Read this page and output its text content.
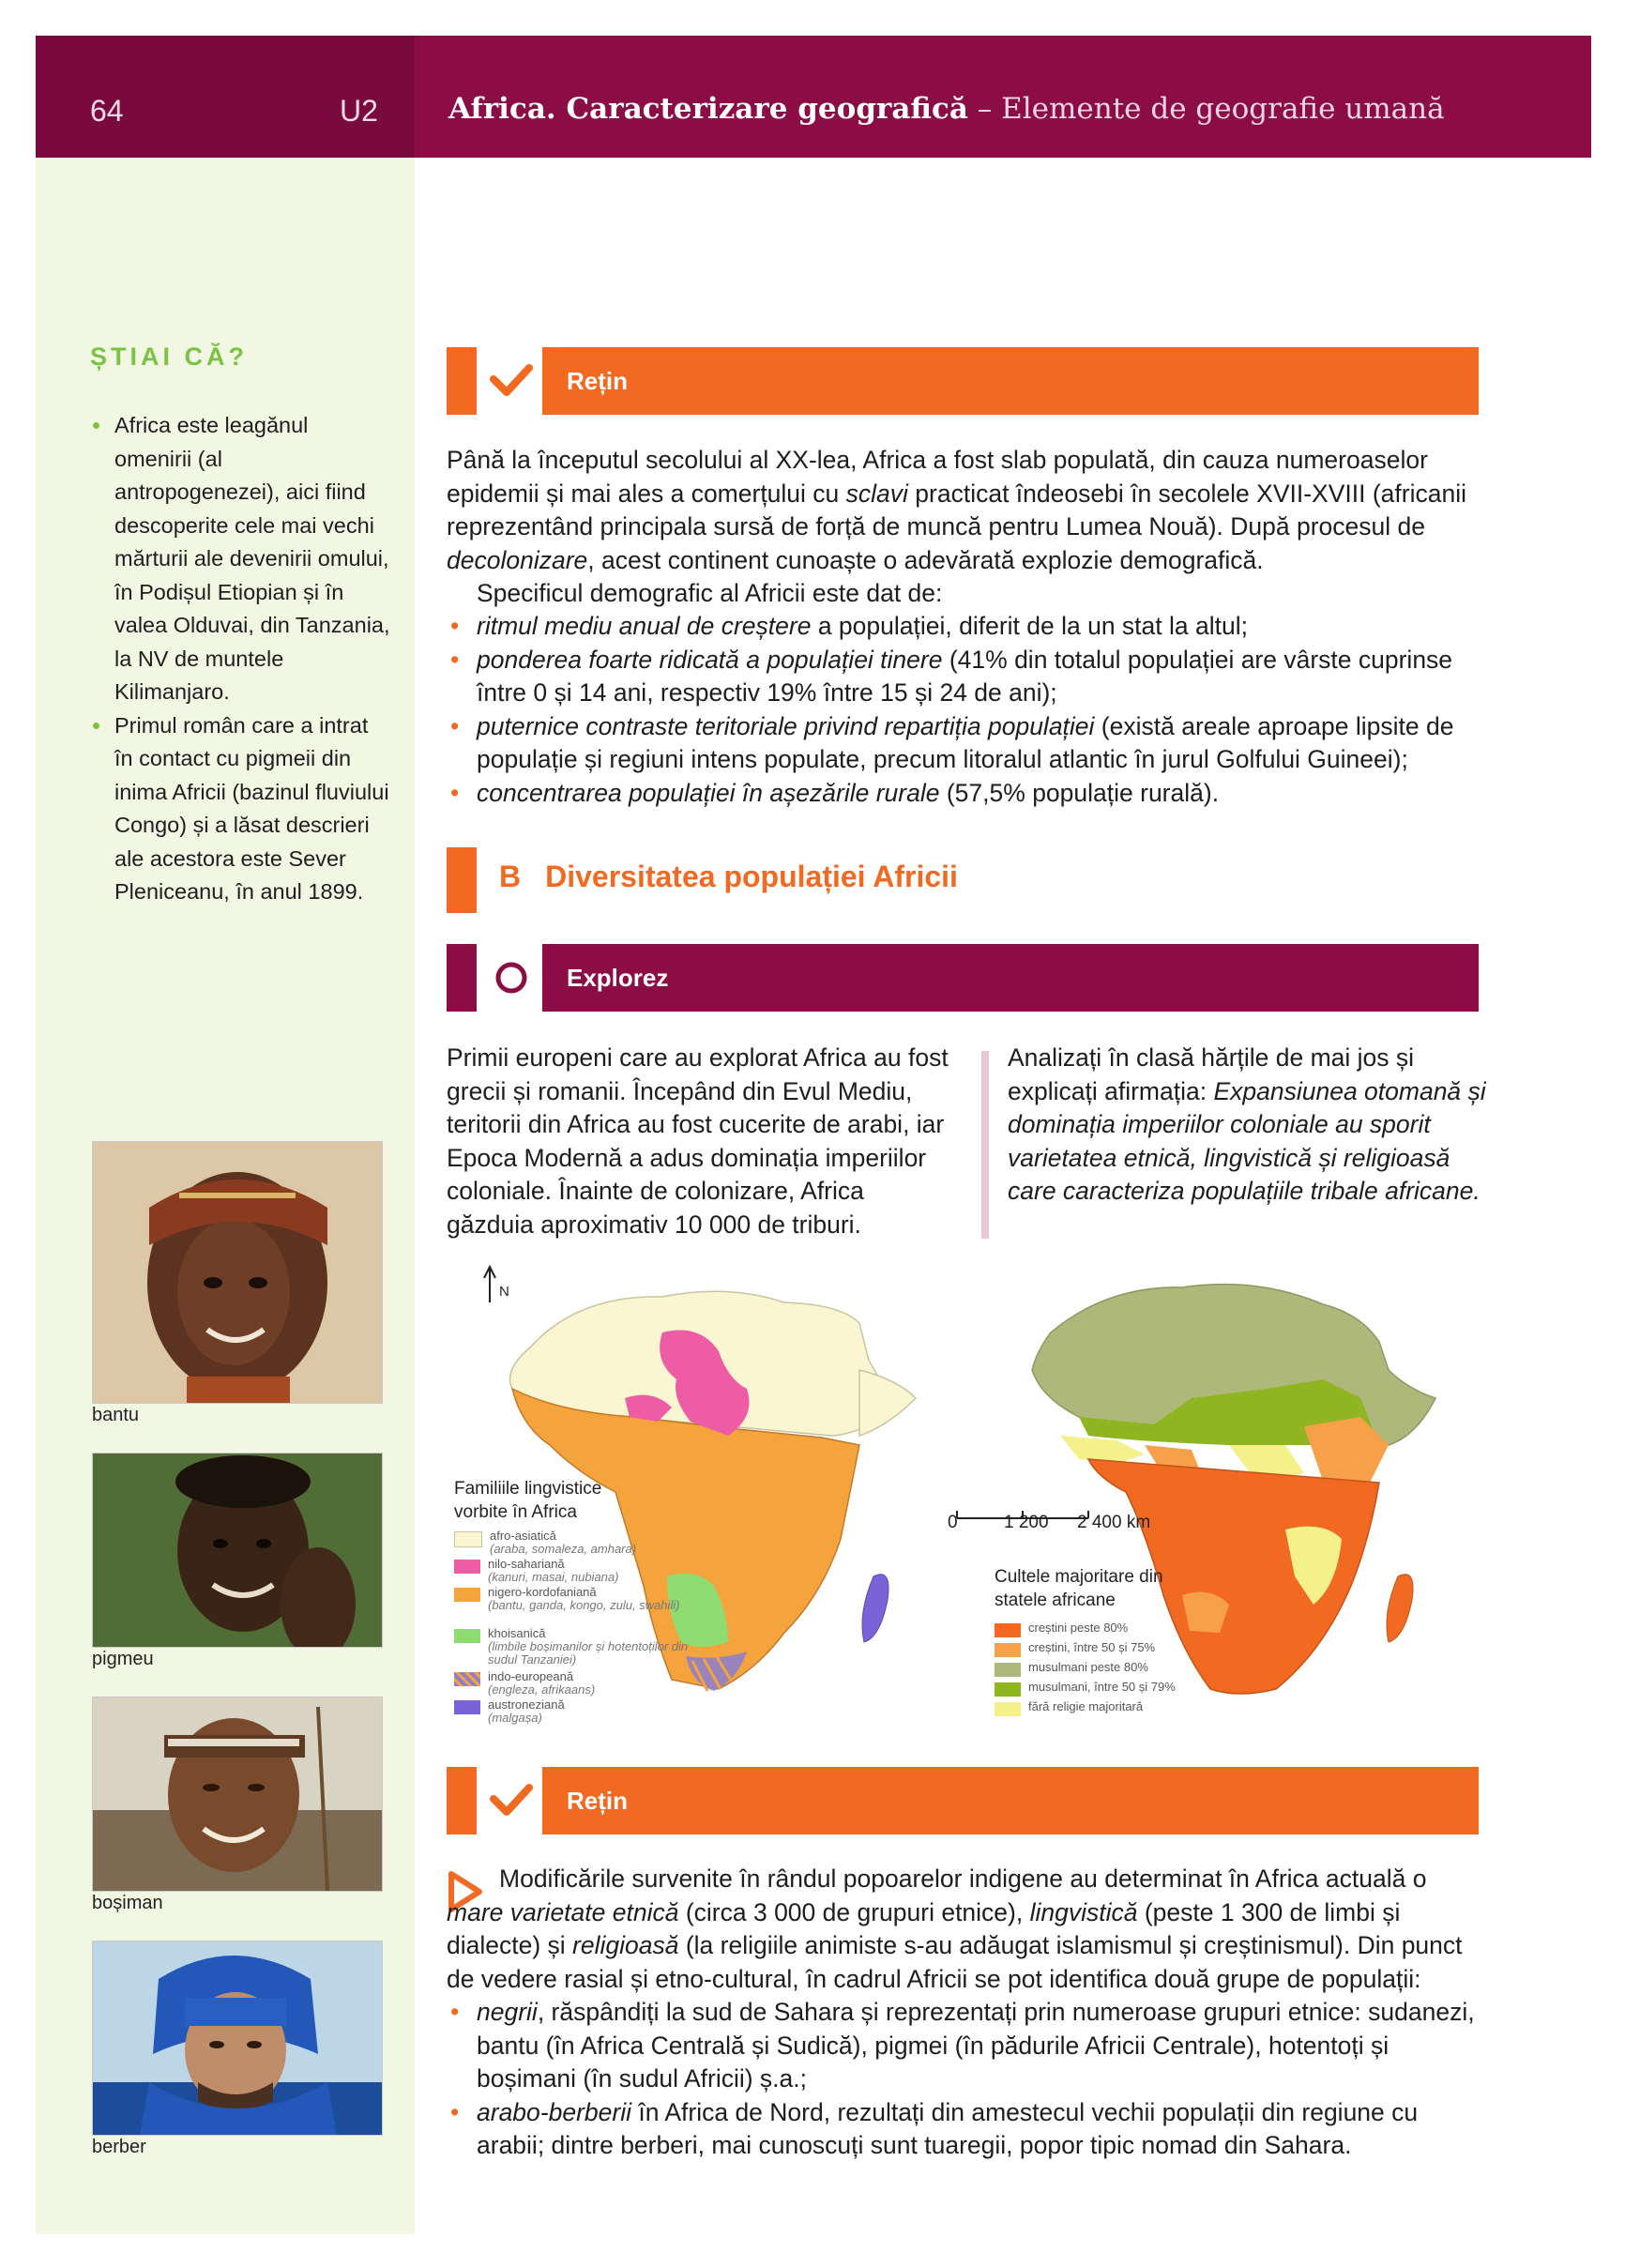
64	U2 Africa. Caracterizare geografică – Elemente de geografie umană
ȘTIAI CĂ?
• Africa este leagănul omenirii (al antropogenezei), aici fiind descoperite cele mai vechi mărturii ale devenirii omului, în Podișul Etiopian și în valea Olduvai, din Tanzania, la NV de muntele Kilimanjaro.
• Primul român care a intrat în contact cu pigmeii din inima Africii (bazinul fluviului Congo) și a lăsat descrieri ale acestora este Sever Pleniceanu, în anul 1899.
bantu
pigmeu
boșiman
berber
Rețin
Până la începutul secolului al XX-lea, Africa a fost slab populată, din cauza numeroaselor epidemii și mai ales a comerțului cu sclavi practicat îndeosebi în secolele XVII-XVIII (africanii reprezentând principala sursă de forță de muncă pentru Lumea Nouă). După procesul de decolonizare, acest continent cunoaște o adevărată explozie demografică.
Specificul demografic al Africii este dat de:
• ritmul mediu anual de creștere a populației, diferit de la un stat la altul;
• ponderea foarte ridicată a populației tinere (41% din totalul populației are vârste cuprinse între 0 și 14 ani, respectiv 19% între 15 și 24 de ani);
• puternice contraste teritoriale privind repartiția populației (există areale aproape lipsite de populație și regiuni intens populate, precum litoralul atlantic în jurul Golfului Guineei);
• concentrarea populației în așezările rurale (57,5% populație rurală).
B Diversitatea populației Africii
Explorez
Primii europeni care au explorat Africa au fost grecii și romanii. Începând din Evul Mediu, teritorii din Africa au fost cucerite de arabi, iar Epoca Modernă a adus dominația imperiilor coloniale. Înainte de colonizare, Africa găzduia aproximativ 10 000 de triburi.
Analizați în clasă hărțile de mai jos și explicați afirmația: Expansiunea otomană și dominația imperiilor coloniale au sporit varietatea etnică, lingvistică și religioasă care caracteriza populațiile tribale africane.
Familiile lingvistice vorbite în Africa
afro-asiatică
(araba, somaleza, amhara)
nilo-sahariană
(kanuri, masai, nubiana)
nigero-kordofaniană
(bantu, ganda, kongo, zulu, swahili)
khoisanică
(limbile boșimanilor și hotentoților din sudul Tanzaniei)
indo-europeană
(engleza, afrikaans)
austroneziană
(malgașa)
N
0	1 200 2 400 km
Cultele majoritare din statele africane
creștini peste 80%
creștini, între 50 și 75%
musulmani peste 80%
musulmani, între 50 și 79%
fără religie majoritară
Rețin
Modificările survenite în rândul popoarelor indigene au determinat în Africa actuală o mare varietate etnică (circa 3 000 de grupuri etnice), lingvistică (peste 1 300 de limbi și dialecte) și religioasă (la religiile animiste s-au adăugat islamismul și creștinismul). Din punct de vedere rasial și etno-cultural, în cadrul Africii se pot identifica două grupe de populații:
• negrii, răspândiți la sud de Sahara și reprezentați prin numeroase grupuri etnice: sudanezi, bantu (în Africa Centrală și Sudică), pigmei (în pădurile Africii Centrale), hotentoți și boșimani (în sudul Africii) ș.a.;
• arabo-berberii în Africa de Nord, rezultați din amestecul vechii populații din regiune cu arabii; dintre berberi, mai cunoscuți sunt tuaregii, popor tipic nomad din Sahara.
